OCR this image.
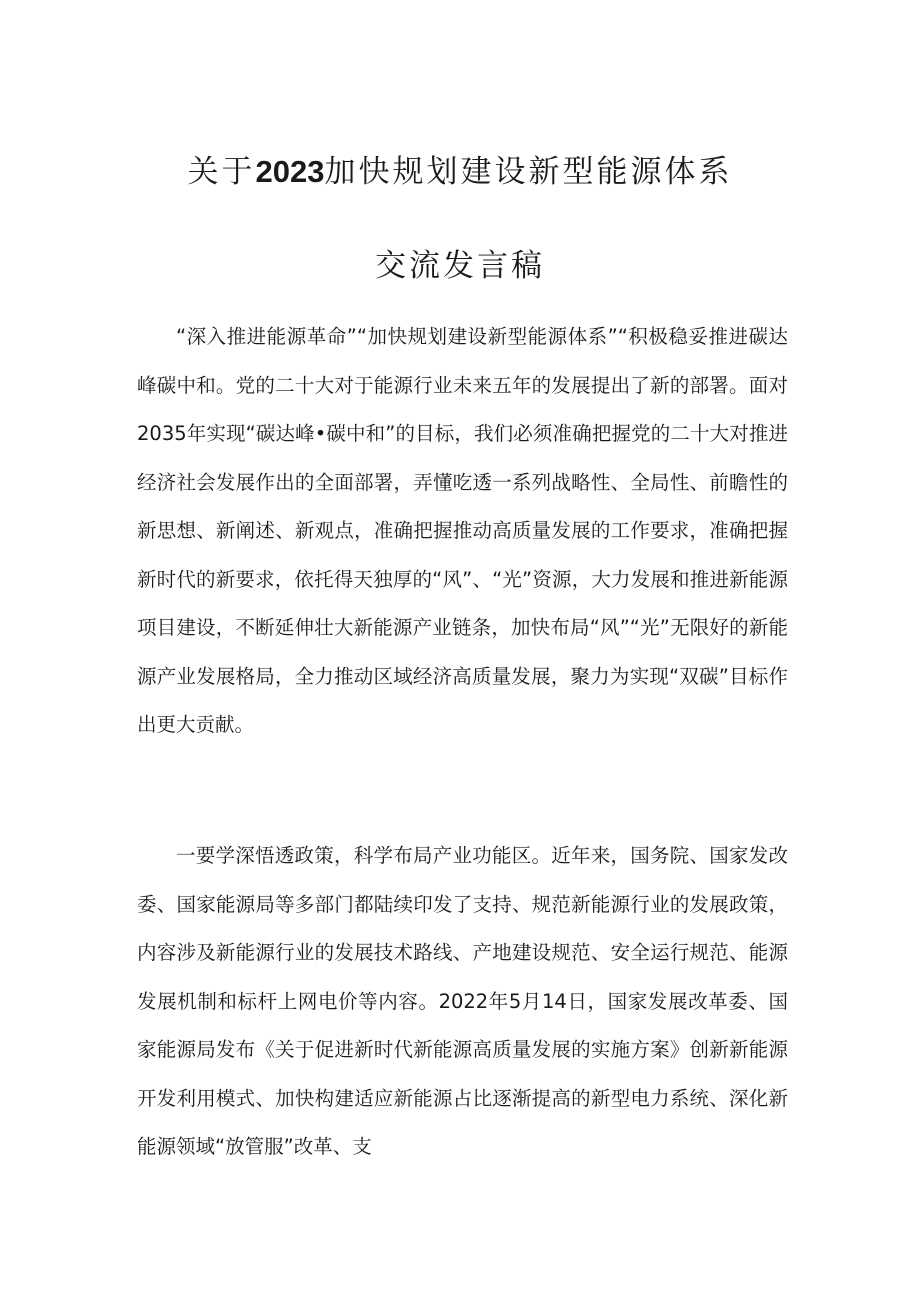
关于2023加快规划建设新型能源体系
交流发言稿

“深入推进能源革命”“加快规划建设新型能源体系”“积极稳妥推进碳达峰碳中和。党的二十大对于能源行业未来五年的发展提出了新的部署。面对2035年实现“碳达峰•碳中和”的目标，我们必须准确把握党的二十大对推进经济社会发展作出的全面部署，弄懂吃透一系列战略性、全局性、前瞻性的新思想、新阐述、新观点，准确把握推动高质量发展的工作要求，准确把握新时代的新要求，依托得天独厚的“风”、“光”资源，大力发展和推进新能源项目建设，不断延伸壮大新能源产业链条，加快布局“风”“光”无限好的新能源产业发展格局，全力推动区域经济高质量发展，聚力为实现“双碳”目标作出更大贡献。

一要学深悟透政策，科学布局产业功能区。近年来，国务院、国家发改委、国家能源局等多部门都陆续印发了支持、规范新能源行业的发展政策，内容涉及新能源行业的发展技术路线、产地建设规范、安全运行规范、能源发展机制和标杆上网电价等内容。2022年5月14日，国家发展改革委、国家能源局发布《关于促进新时代新能源高质量发展的实施方案》创新新能源开发利用模式、加快构建适应新能源占比逐渐提高的新型电力系统、深化新能源领域“放管服”改革、支
